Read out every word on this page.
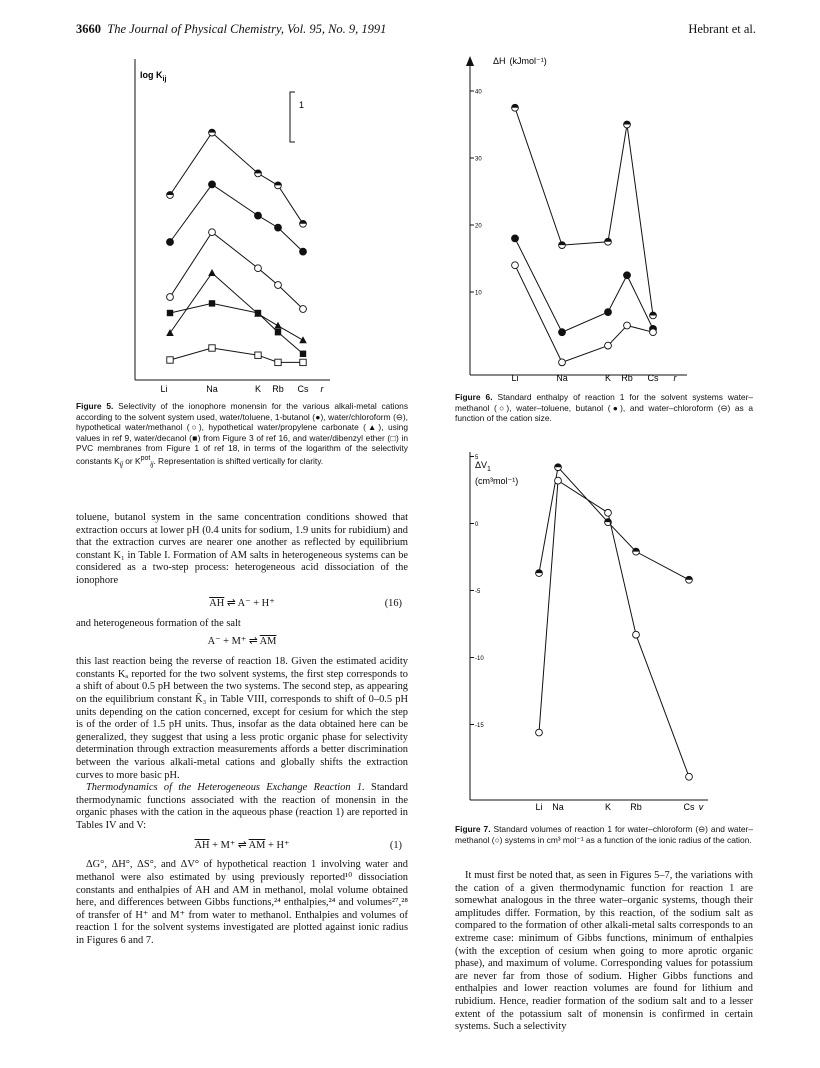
3660 The Journal of Physical Chemistry, Vol. 95, No. 9, 1991	Hebrant et al.
$\log K_{ij}$
1
Li	Na	K Rb Cs r
Figure 5. Selectivity of the ionophore monensin for the various alkali-metal cations according to the solvent system used, water/toluene, 1-butanol (●), water/chloroform (⊖), hypothetical water/methanol (○), hypothetical water/propylene carbonate (▲), using values in ref 9, water/decanol (■) from Figure 3 of ref 16, and water/dibenzyl ether (□) in PVC membranes from Figure 1 of ref 18, in terms of the logarithm of the selectivity constants $K_{ij}$ or $K^{pot}_{ij}$. Representation is shifted vertically for clarity.
ΔH (kJmol⁻¹)
40
30
20
10
Li	Na	K Rb Cs r
Figure 6. Standard enthalpy of reaction 1 for the solvent systems water–methanol (○), water–toluene, butanol (●), and water–chloroform (⊖) as a function of the cation size.
$\Delta V_1$
(cm³mol⁻¹)
5
0
-5
-10
-15
Li Na	K Rb	Cs v
Figure 7. Standard volumes of reaction 1 for water–chloroform (⊖) and water–methanol (○) systems in cm³ mol⁻¹ as a function of the ionic radius of the cation.

toluene, butanol system in the same concentration conditions showed that extraction occurs at lower pH (0.4 units for sodium, 1.9 units for rubidium) and that the extraction curves are nearer one another as reflected by equilibrium constant K₁ in Table I. Formation of AM salts in heterogeneous systems can be considered as a two-step process: heterogeneous acid dissociation of the ionophore

$\overline{AH}$ ⇌ A⁻ + H⁺	(16)

and heterogeneous formation of the salt

A⁻ + M⁺ ⇌ $\overline{AM}$

this last reaction being the reverse of reaction 18. Given the estimated acidity constants Kₐ reported for the two solvent systems, the first step corresponds to a shift of about 0.5 pH between the two systems. The second step, as appearing on the equilibrium constant K̄₃ in Table VIII, corresponds to shift of 0–0.5 pH units depending on the cation concerned, except for cesium for which the step is of the order of 1.5 pH units. Thus, insofar as the data obtained here can be generalized, they suggest that using a less protic organic phase for selectivity determination through extraction measurements affords a better discrimination between the various alkali-metal cations and globally shifts the extraction curves to more basic pH.

Thermodynamics of the Heterogeneous Exchange Reaction 1. Standard thermodynamic functions associated with the reaction of monensin in the organic phases with the cation in the aqueous phase (reaction 1) are reported in Tables IV and V:

$\overline{AH} + M^+$ ⇌ $\overline{AM} + H^+$	(1)

ΔG°, ΔH°, ΔS°, and ΔV° of hypothetical reaction 1 involving water and methanol were also estimated by using previously reported¹⁰ dissociation constants and enthalpies of AH and AM in methanol, molal volume obtained here, and differences between Gibbs functions,²⁴ enthalpies,²⁴ and volumes²⁷,²⁸ of transfer of H⁺ and M⁺ from water to methanol. Enthalpies and volumes of reaction 1 for the solvent systems investigated are plotted against ionic radius in Figures 6 and 7.

It must first be noted that, as seen in Figures 5–7, the variations with the cation of a given thermodynamic function for reaction 1 are somewhat analogous in the three water–organic systems, though their amplitudes differ. Formation, by this reaction, of the sodium salt as compared to the formation of other alkali-metal salts corresponds to an extreme case: minimum of Gibbs functions, minimum of enthalpies (with the exception of cesium when going to more aprotic organic phase), and maximum of volume. Corresponding values for potassium are never far from those of sodium. Higher Gibbs functions and enthalpies and lower reaction volumes are found for lithium and rubidium. Hence, readier formation of the sodium salt and to a lesser extent of the potassium salt of monensin is confirmed in certain systems. Such a selectivity
